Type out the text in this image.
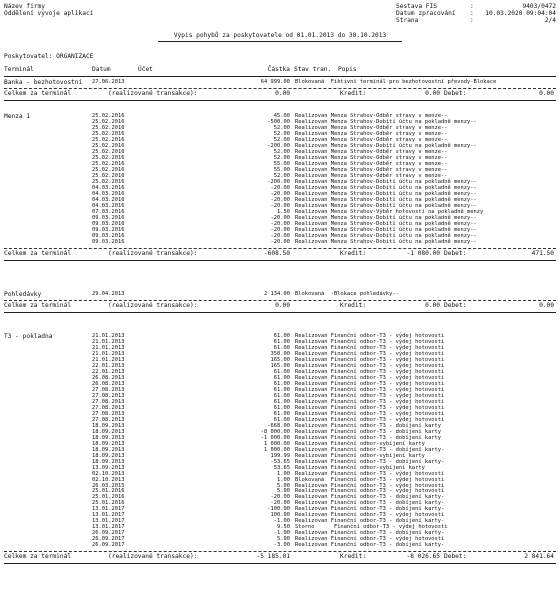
Název firmy
Oddělení vývoje aplikací
Sestava FIS	:	9403/0472
Datum zpracování :	10.03.2020 09:04:04
Strana	:	2/4
Výpis pohybů za poskytovatele od 01.01.2013 do 30.10.2013
Poskytovatel: ORGANIZACE
Terminál	Datum	Účet	Částka Stav tran. Popis
Banka - bezhotovostní 27.06.2013	64 999.00 Blokovaná  Fiktivní terminál pro bezhotovostní převody-Blokace
Celkem za terminál	(realizované transakce):	0.00	Kredit:	0.00 Debet:	0.00
Menza 1	25.02.2016	45.00 Realizovan Menza Strahov-Odběr stravy v menze--
25.02.2016	-500.00 Realizovan Menza Strahov-Dobití účtu na pokladně menzy--
25.02.2016	52.00 Realizovan Menza Strahov-Odběr stravy v menze--
25.02.2016	52.00 Realizovan Menza Strahov-Odběr stravy v menze--
25.02.2016	52.00 Realizovan Menza Strahov-Odběr stravy v menze--
25.02.2016	-200.00 Realizovan Menza Strahov-Dobití účtu na pokladně menzy--
25.02.2016	52.00 Realizovan Menza Strahov-Odběr stravy v menze--
25.02.2016	52.00 Realizovan Menza Strahov-Odběr stravy v menze--
25.02.2016	55.00 Realizovan Menza Strahov-Odběr stravy v menze--
25.02.2016	55.00 Realizovan Menza Strahov-Odběr stravy v menze--
25.02.2016	52.00 Realizovan Menza Strahov-Odběr stravy v menze--
25.02.2016	-200.00 Realizovan Menza Strahov-Dobití účtu na pokladně menzy--
04.03.2016	-20.00 Realizovan Menza Strahov-Dobití účtu na pokladně menzy--
04.03.2016	-20.00 Realizovan Menza Strahov-Dobití účtu na pokladně menzy--
04.03.2016	-20.00 Realizovan Menza Strahov-Dobití účtu na pokladně menzy--
04.03.2016	-20.00 Realizovan Menza Strahov-Dobití účtu na pokladně menzy--
07.03.2016	1.50 Realizovan Menza Strahov-Výběr hotovosti na pokladně menzy
09.03.2016	-20.00 Realizovan Menza Strahov-Dobití účtu na pokladně menzy--
09.03.2016	-20.00 Realizovan Menza Strahov-Dobití účtu na pokladně menzy--
09.03.2016	-20.00 Realizovan Menza Strahov-Dobití účtu na pokladně menzy--
09.03.2016	-20.00 Realizovan Menza Strahov-Dobití účtu na pokladně menzy--
09.03.2016	-20.00 Realizovan Menza Strahov-Dobití účtu na pokladně menzy--
Celkem za terminál	(realizované transakce):	-608.50	Kredit:	-1 080.00 Debet:	471.50
Pohledávky	29.04.2013	2 134.00 Blokovaná  -Blokace pohledávky--
Celkem za terminál	(realizované transakce):	0.00	Kredit:	0.00 Debet:	0.00
T3 - pokladna	21.01.2013	61.00 Realizovan Finanční odbor-T3 - výdej hotovosti
21.01.2013	61.00 Realizovan Finanční odbor-T3 - výdej hotovosti
21.01.2013	61.00 Realizovan Finanční odbor-T3 - výdej hotovosti
21.01.2013	350.00 Realizovan Finanční odbor-T3 - výdej hotovosti
21.01.2013	165.00 Realizovan Finanční odbor-T3 - výdej hotovosti
22.01.2013	165.00 Realizovan Finanční odbor-T3 - výdej hotovosti
22.01.2013	61.00 Realizovan Finanční odbor-T3 - výdej hotovosti
26.08.2013	61.00 Realizovan Finanční odbor-T3 - výdej hotovosti
26.08.2013	61.00 Realizovan Finanční odbor-T3 - výdej hotovosti
27.08.2013	61.00 Realizovan Finanční odbor-T3 - výdej hotovosti
27.08.2013	61.00 Realizovan Finanční odbor-T3 - výdej hotovosti
27.08.2013	61.00 Realizovan Finanční odbor-T3 - výdej hotovosti
27.08.2013	61.00 Realizovan Finanční odbor-T3 - výdej hotovosti
27.08.2013	61.00 Realizovan Finanční odbor-T3 - výdej hotovosti
27.08.2013	61.00 Realizovan Finanční odbor-T3 - výdej hotovosti
18.09.2013	-668.00 Realizovan Finanční odbor-T3 - dobíjení karty
18.09.2013	-8 000.00 Realizovan Finanční odbor-T3 - dobíjení karty
18.09.2013	-1 000.00 Realizovan Finanční odbor-T3 - dobíjení karty
18.09.2013	1 000.00 Realizovan Finanční odbor-vybíjení karty
18.09.2013	1 000.00 Realizovan Finanční odbor-T3 - dobíjení karty-
18.09.2013	199.99 Realizovan Finanční odbor-vybíjení karty
18.09.2013	-53.65 Realizovan Finanční odbor-T3 - dobíjení karty-
13.09.2013	53.65 Realizovan Finanční odbor-vybíjení karty
02.10.2013	1.00 Realizovan Finanční odbor-T3 - výdej hotovosti
02.10.2013	1.00 Blokovaná  Finanční odbor-T3 - výdej hotovosti
26.03.2015	5.00 Realizovan Finanční odbor-T3 - výdej hotovosti
25.01.2016	5.00 Realizovan Finanční odbor-T3 - výdej hotovosti
25.01.2016	-20.00 Realizovan Finanční odbor-T3 - dobíjení karty-
25.01.2016	-20.00 Realizovan Finanční odbor-T3 - dobíjení karty-
13.01.2017	-100.00 Realizovan Finanční odbor-T3 - dobíjení karty-
13.01.2017	100.00 Realizovan Finanční odbor-T3 - výdej hotovosti
13.01.2017	-1.00 Realizovan Finanční odbor-T3 - dobíjení karty-
13.01.2017	9.50 Storno      Finanční odbor-T3 - výdej hotovosti
26.09.2017	-1.00 Realizovan Finanční odbor-T3 - dobíjení karty-
26.09.2017	5.00 Realizovan Finanční odbor-T3 - výdej hotovosti
26.09.2017	-3.00 Realizovan Finanční odbor-T3 - dobíjení karty-
Celkem za terminál	(realizované transakce):	-5 185.01	Kredit:	-8 026.65 Debet:	2 841.64
